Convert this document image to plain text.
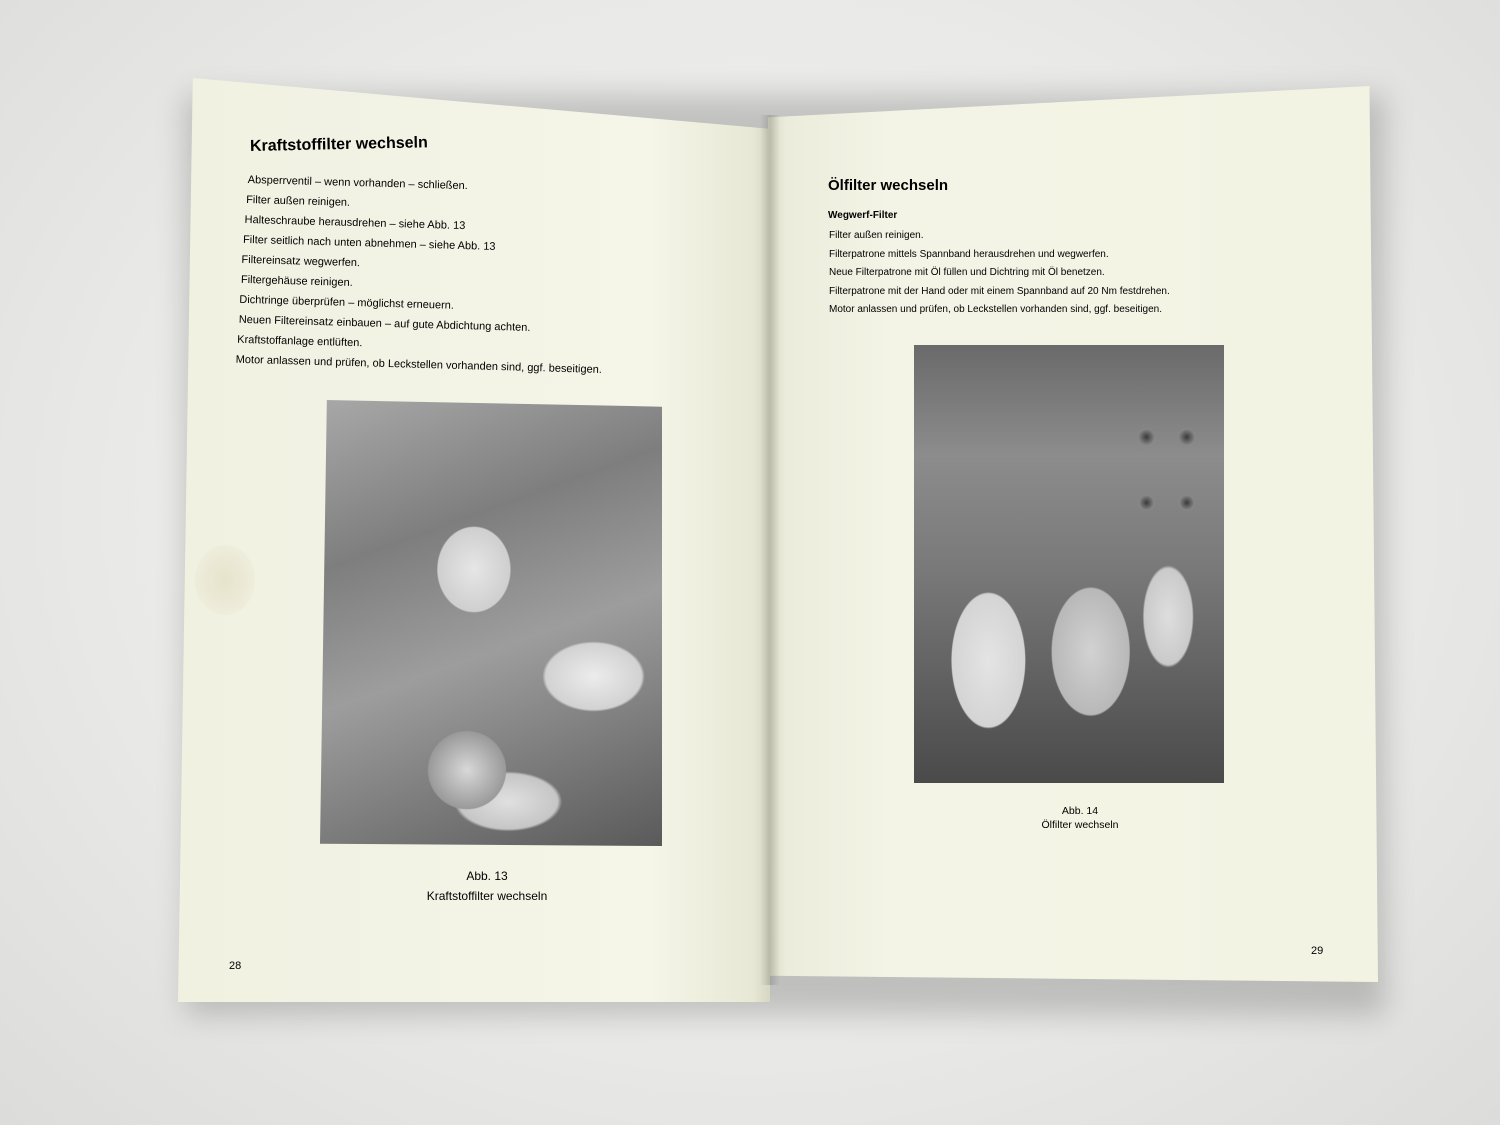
Kraftstoffilter wechseln
Absperrventil – wenn vorhanden – schließen.
Filter außen reinigen.
Halteschraube herausdrehen – siehe Abb. 13
Filter seitlich nach unten abnehmen – siehe Abb. 13
Filtereinsatz wegwerfen.
Filtergehäuse reinigen.
Dichtringe überprüfen – möglichst erneuern.
Neuen Filtereinsatz einbauen – auf gute Abdichtung achten.
Kraftstoffanlage entlüften.
Motor anlassen und prüfen, ob Leckstellen vorhanden sind, ggf. beseitigen.

Abb. 13
Kraftstoffilter wechseln

28

Ölfilter wechseln

Wegwerf-Filter

Filter außen reinigen.
Filterpatrone mittels Spannband herausdrehen und wegwerfen.
Neue Filterpatrone mit Öl füllen und Dichtring mit Öl benetzen.
Filterpatrone mit der Hand oder mit einem Spannband auf 20 Nm festdrehen.
Motor anlassen und prüfen, ob Leckstellen vorhanden sind, ggf. beseitigen.

Abb. 14
Ölfilter wechseln

29
